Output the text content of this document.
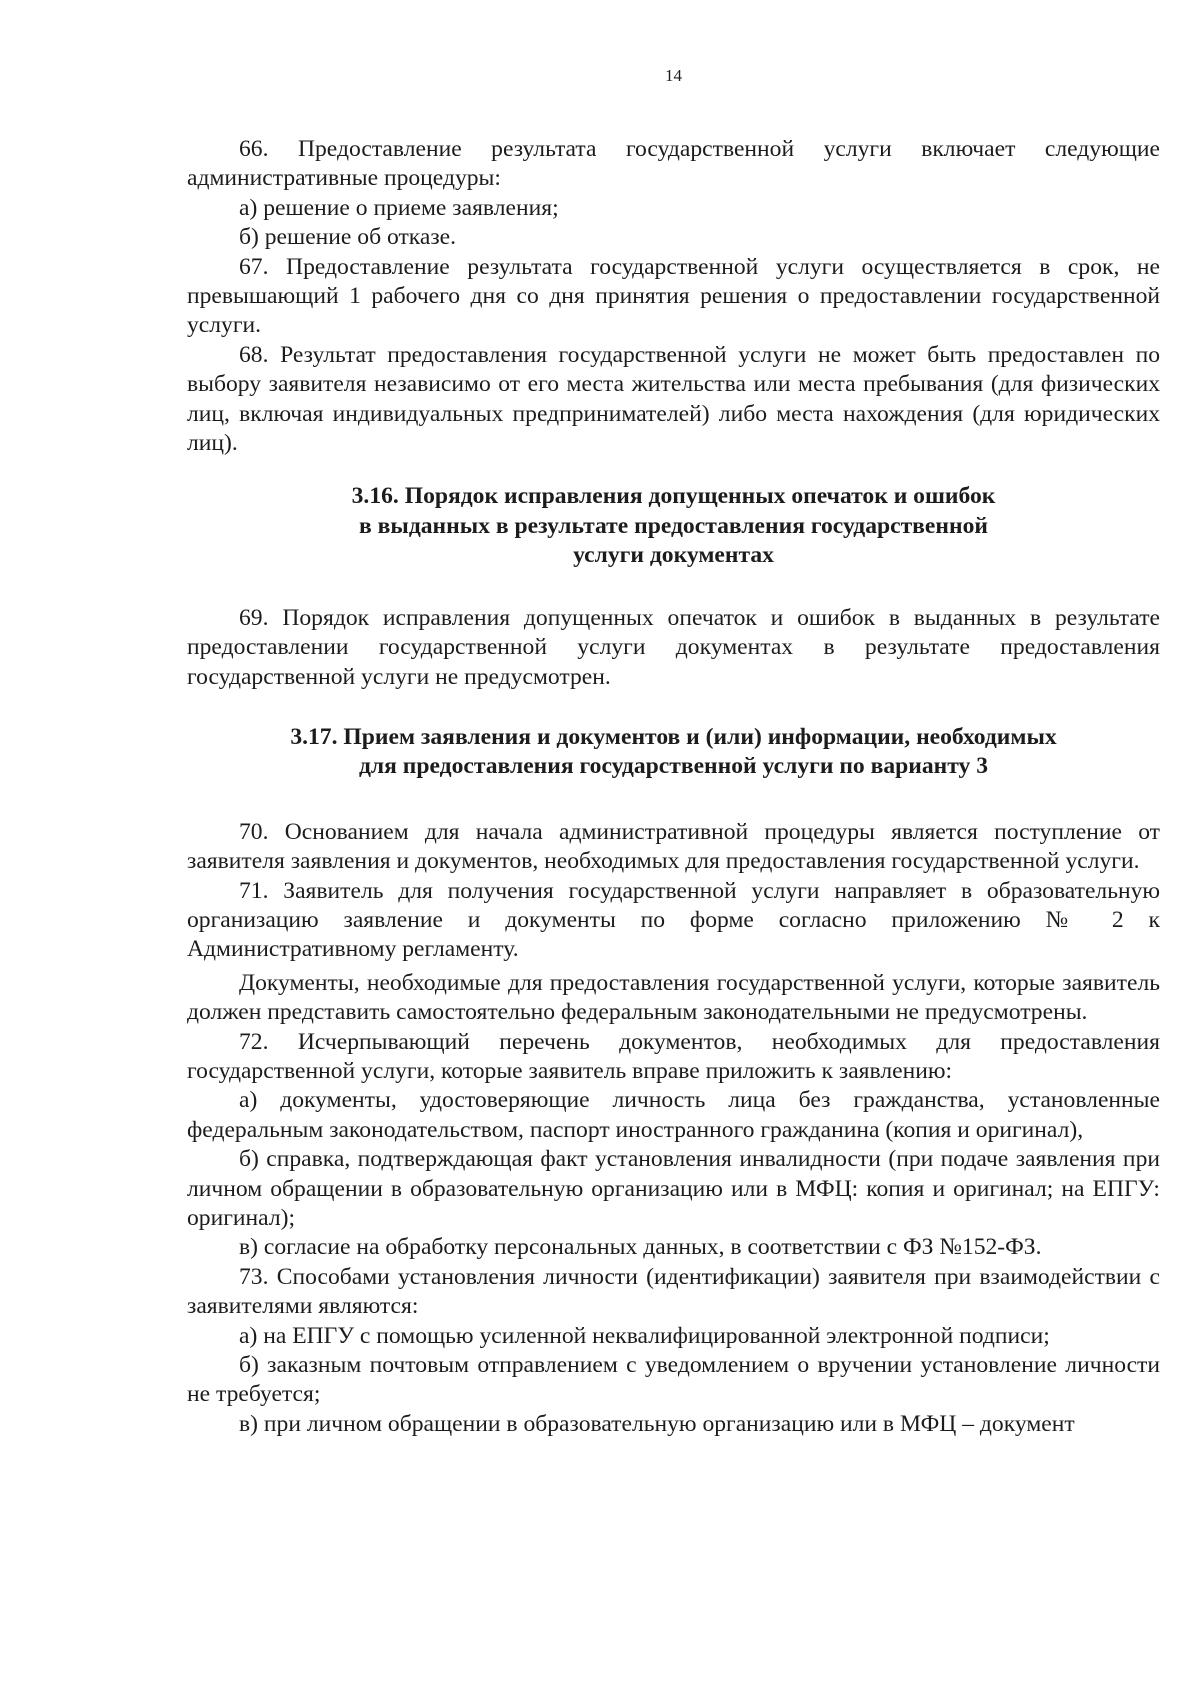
14

66. Предоставление результата государственной услуги включает следующие административные процедуры:

а) решение о приеме заявления;

б) решение об отказе.

67. Предоставление результата государственной услуги осуществляется в срок, не превышающий 1 рабочего дня со дня принятия решения о предоставлении государственной услуги.

68. Результат предоставления государственной услуги не может быть предоставлен по выбору заявителя независимо от его места жительства или места пребывания (для физических лиц, включая индивидуальных предпринимателей) либо места нахождения (для юридических лиц).

3.16. Порядок исправления допущенных опечаток и ошибок
в выданных в результате предоставления государственной
услуги документах

69. Порядок исправления допущенных опечаток и ошибок в выданных в результате предоставлении государственной услуги документах в результате предоставления государственной услуги не предусмотрен.

3.17. Прием заявления и документов и (или) информации, необходимых
для предоставления государственной услуги по варианту 3

70. Основанием для начала административной процедуры является поступление от заявителя заявления и документов, необходимых для предоставления государственной услуги.

71. Заявитель для получения государственной услуги направляет в образовательную организацию заявление и документы по форме согласно приложению № 2 к Административному регламенту.

Документы, необходимые для предоставления государственной услуги, которые заявитель должен представить самостоятельно федеральным законодательными не предусмотрены.

72. Исчерпывающий перечень документов, необходимых для предоставления государственной услуги, которые заявитель вправе приложить к заявлению:

а) документы, удостоверяющие личность лица без гражданства, установленные федеральным законодательством, паспорт иностранного гражданина (копия и оригинал),

б) справка, подтверждающая факт установления инвалидности (при подаче заявления при личном обращении в образовательную организацию или в МФЦ: копия и оригинал; на ЕПГУ: оригинал);

в) согласие на обработку персональных данных, в соответствии с ФЗ №152-ФЗ.

73. Способами установления личности (идентификации) заявителя при взаимодействии с заявителями являются:

а) на ЕПГУ с помощью усиленной неквалифицированной электронной подписи;

б) заказным почтовым отправлением с уведомлением о вручении установление личности не требуется;

в) при личном обращении в образовательную организацию или в МФЦ – документ
